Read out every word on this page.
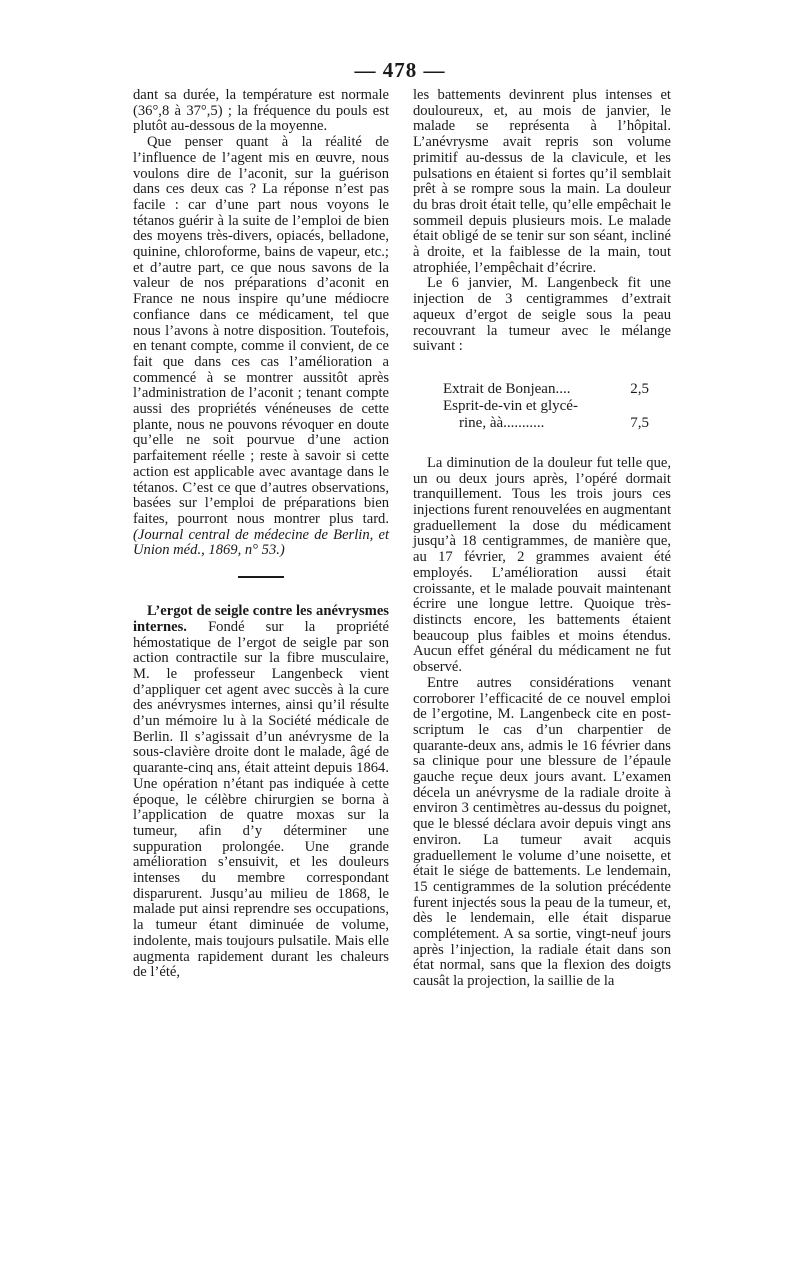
— 478 —

dant sa durée, la température est normale (36°,8 à 37°,5) ; la fréquence du pouls est plutôt au-dessous de la moyenne.

Que penser quant à la réalité de l’influence de l’agent mis en œuvre, nous voulons dire de l’aconit, sur la guérison dans ces deux cas ? La réponse n’est pas facile : car d’une part nous voyons le tétanos guérir à la suite de l’emploi de bien des moyens très-divers, opiacés, belladone, quinine, chloroforme, bains de vapeur, etc.; et d’autre part, ce que nous savons de la valeur de nos préparations d’aconit en France ne nous inspire qu’une médiocre confiance dans ce médicament, tel que nous l’avons à notre disposition. Toutefois, en tenant compte, comme il convient, de ce fait que dans ces cas l’amélioration a commencé à se montrer aussitôt après l’administration de l’aconit ; tenant compte aussi des propriétés vénéneuses de cette plante, nous ne pouvons révoquer en doute qu’elle ne soit pourvue d’une action parfaitement réelle ; reste à savoir si cette action est applicable avec avantage dans le tétanos. C’est ce que d’autres observations, basées sur l’emploi de préparations bien faites, pourront nous montrer plus tard. (Journal central de médecine de Berlin, et Union méd., 1869, n° 53.)

L’ergot de seigle contre les anévrysmes internes. Fondé sur la propriété hémostatique de l’ergot de seigle par son action contractile sur la fibre musculaire, M. le professeur Langenbeck vient d’appliquer cet agent avec succès à la cure des anévrysmes internes, ainsi qu’il résulte d’un mémoire lu à la Société médicale de Berlin. Il s’agissait d’un anévrysme de la sous-clavière droite dont le malade, âgé de quarante-cinq ans, était atteint depuis 1864. Une opération n’étant pas indiquée à cette époque, le célèbre chirurgien se borna à l’application de quatre moxas sur la tumeur, afin d’y déterminer une suppuration prolongée. Une grande amélioration s’ensuivit, et les douleurs intenses du membre correspondant disparurent. Jusqu’au milieu de 1868, le malade put ainsi reprendre ses occupations, la tumeur étant diminuée de volume, indolente, mais toujours pulsatile. Mais elle augmenta rapidement durant les chaleurs de l’été,

les battements devinrent plus intenses et douloureux, et, au mois de janvier, le malade se représenta à l’hôpital. L’anévrysme avait repris son volume primitif au-dessus de la clavicule, et les pulsations en étaient si fortes qu’il semblait prêt à se rompre sous la main. La douleur du bras droit était telle, qu’elle empêchait le sommeil depuis plusieurs mois. Le malade était obligé de se tenir sur son séant, incliné à droite, et la faiblesse de la main, tout atrophiée, l’empêchait d’écrire.

Le 6 janvier, M. Langenbeck fit une injection de 3 centigrammes d’extrait aqueux d’ergot de seigle sous la peau recouvrant la tumeur avec le mélange suivant :

Extrait de Bonjean....	2,5
Esprit-de-vin et glycé-
rine, àà...........	7,5

La diminution de la douleur fut telle que, un ou deux jours après, l’opéré dormait tranquillement. Tous les trois jours ces injections furent renouvelées en augmentant graduellement la dose du médicament jusqu’à 18 centigrammes, de manière que, au 17 février, 2 grammes avaient été employés. L’amélioration aussi était croissante, et le malade pouvait maintenant écrire une longue lettre. Quoique très-distincts encore, les battements étaient beaucoup plus faibles et moins étendus. Aucun effet général du médicament ne fut observé.

Entre autres considérations venant corroborer l’efficacité de ce nouvel emploi de l’ergotine, M. Langenbeck cite en post-scriptum le cas d’un charpentier de quarante-deux ans, admis le 16 février dans sa clinique pour une blessure de l’épaule gauche reçue deux jours avant. L’examen décela un anévrysme de la radiale droite à environ 3 centimètres au-dessus du poignet, que le blessé déclara avoir depuis vingt ans environ. La tumeur avait acquis graduellement le volume d’une noisette, et était le siége de battements. Le lendemain, 15 centigrammes de la solution précédente furent injectés sous la peau de la tumeur, et, dès le lendemain, elle était disparue complétement. A sa sortie, vingt-neuf jours après l’injection, la radiale était dans son état normal, sans que la flexion des doigts causât la projection, la saillie de la
